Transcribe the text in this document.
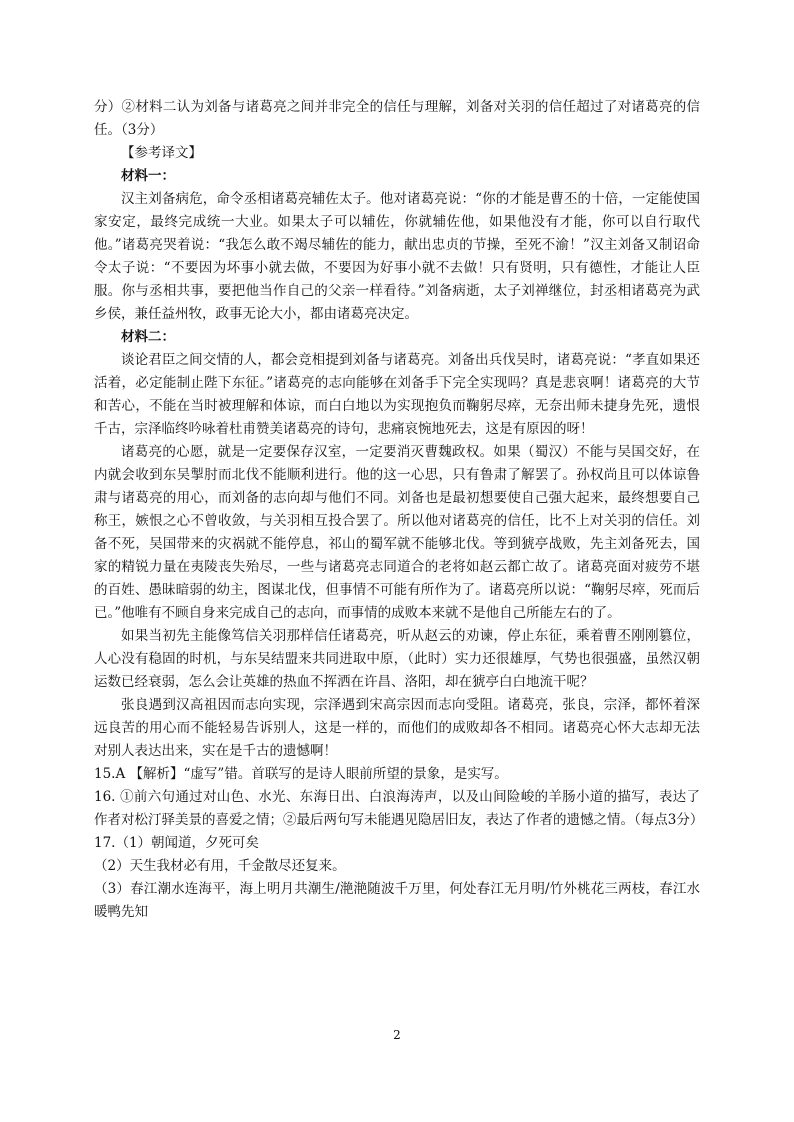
分）②材料二认为刘备与诸葛亮之间并非完全的信任与理解，刘备对关羽的信任超过了对诸葛亮的信任。（3分）

【参考译文】

材料一：

汉主刘备病危，命令丞相诸葛亮辅佐太子。他对诸葛亮说：“你的才能是曹丕的十倍，一定能使国家安定，最终完成统一大业。如果太子可以辅佐，你就辅佐他，如果他没有才能，你可以自行取代他。”诸葛亮哭着说：“我怎么敢不竭尽辅佐的能力，献出忠贞的节操，至死不渝！”汉主刘备又制诏命令太子说：“不要因为坏事小就去做，不要因为好事小就不去做！只有贤明，只有德性，才能让人臣服。你与丞相共事，要把他当作自己的父亲一样看待。”刘备病逝，太子刘禅继位，封丞相诸葛亮为武乡侯，兼任益州牧，政事无论大小，都由诸葛亮决定。

材料二：

谈论君臣之间交情的人，都会竞相提到刘备与诸葛亮。刘备出兵伐吴时，诸葛亮说：“孝直如果还活着，必定能制止陛下东征。”诸葛亮的志向能够在刘备手下完全实现吗？真是悲哀啊！诸葛亮的大节和苦心，不能在当时被理解和体谅，而白白地以为实现抱负而鞠躬尽瘁，无奈出师未捷身先死，遗恨千古，宗泽临终吟咏着杜甫赞美诸葛亮的诗句，悲痛哀惋地死去，这是有原因的呀！

诸葛亮的心愿，就是一定要保存汉室，一定要消灭曹魏政权。如果（蜀汉）不能与吴国交好，在内就会收到东吴掣肘而北伐不能顺利进行。他的这一心思，只有鲁肃了解罢了。孙权尚且可以体谅鲁肃与诸葛亮的用心，而刘备的志向却与他们不同。刘备也是最初想要使自己强大起来，最终想要自己称王，嫉恨之心不曾收敛，与关羽相互投合罢了。所以他对诸葛亮的信任，比不上对关羽的信任。刘备不死，吴国带来的灾祸就不能停息，祁山的蜀军就不能够北伐。等到猇亭战败，先主刘备死去，国家的精锐力量在夷陵丧失殆尽，一些与诸葛亮志同道合的老将如赵云都亡故了。诸葛亮面对疲劳不堪的百姓、愚昧暗弱的幼主，图谋北伐，但事情不可能有所作为了。诸葛亮所以说：“鞠躬尽瘁，死而后已。”他唯有不顾自身来完成自己的志向，而事情的成败本来就不是他自己所能左右的了。

如果当初先主能像笃信关羽那样信任诸葛亮，听从赵云的劝谏，停止东征，乘着曹丕刚刚篡位，人心没有稳固的时机，与东吴结盟来共同进取中原，（此时）实力还很雄厚，气势也很强盛，虽然汉朝运数已经衰弱，怎么会让英雄的热血不挥洒在许昌、洛阳，却在猇亭白白地流干呢？

张良遇到汉高祖因而志向实现，宗泽遇到宋高宗因而志向受阻。诸葛亮，张良，宗泽，都怀着深远良苦的用心而不能轻易告诉别人，这是一样的，而他们的成败却各不相同。诸葛亮心怀大志却无法对别人表达出来，实在是千古的遗憾啊！

15.A 【解析】“虚写”错。首联写的是诗人眼前所望的景象，是实写。

16. ①前六句通过对山色、水光、东海日出、白浪海涛声，以及山间险峻的羊肠小道的描写，表达了作者对松汀驿美景的喜爱之情；②最后两句写未能遇见隐居旧友，表达了作者的遗憾之情。（每点3分）

17.（1）朝闻道，夕死可矣

（2）天生我材必有用，千金散尽还复来。

（3）春江潮水连海平，海上明月共潮生/滟滟随波千万里，何处春江无月明/竹外桃花三两枝，春江水暖鸭先知

2
